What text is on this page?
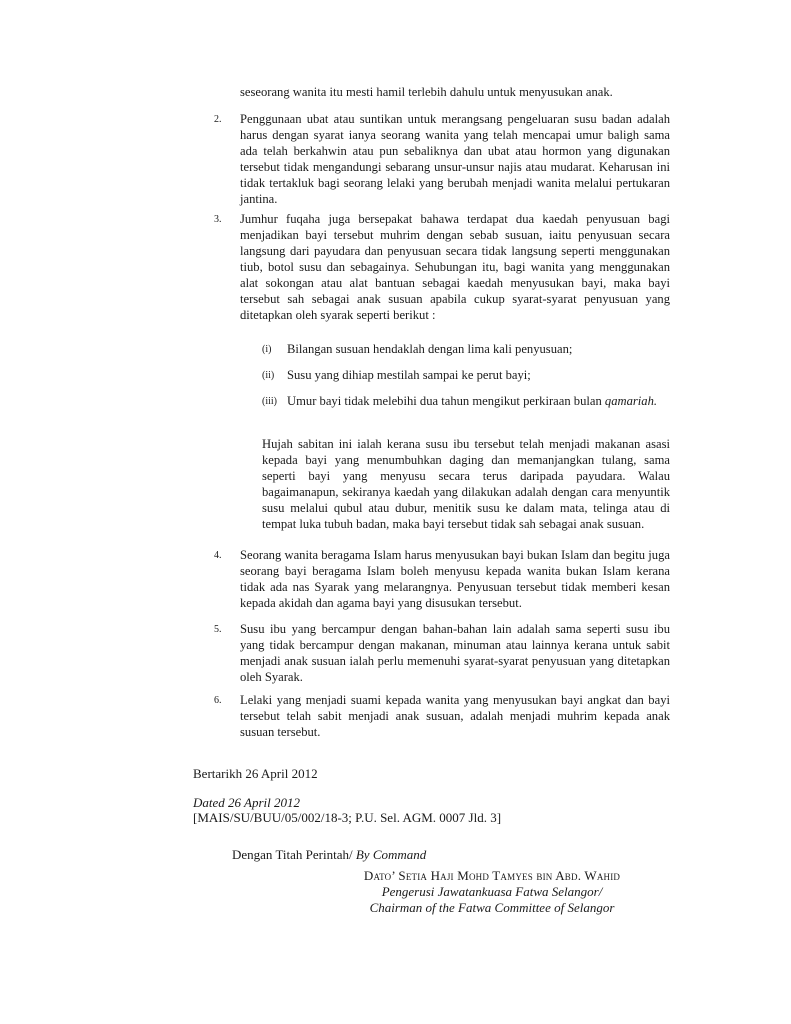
seseorang wanita itu mesti hamil terlebih dahulu untuk menyusukan anak.
2. Penggunaan ubat atau suntikan untuk merangsang pengeluaran susu badan adalah harus dengan syarat ianya seorang wanita yang telah mencapai umur baligh sama ada telah berkahwin atau pun sebaliknya dan ubat atau hormon yang digunakan tersebut tidak mengandungi sebarang unsur-unsur najis atau mudarat. Keharusan ini tidak tertakluk bagi seorang lelaki yang berubah menjadi wanita melalui pertukaran jantina.
3. Jumhur fuqaha juga bersepakat bahawa terdapat dua kaedah penyusuan bagi menjadikan bayi tersebut muhrim dengan sebab susuan, iaitu penyusuan secara langsung dari payudara dan penyusuan secara tidak langsung seperti menggunakan tiub, botol susu dan sebagainya. Sehubungan itu, bagi wanita yang menggunakan alat sokongan atau alat bantuan sebagai kaedah menyusukan bayi, maka bayi tersebut sah sebagai anak susuan apabila cukup syarat-syarat penyusuan yang ditetapkan oleh syarak seperti berikut :
(i) Bilangan susuan hendaklah dengan lima kali penyusuan;
(ii) Susu yang dihiap mestilah sampai ke perut bayi;
(iii) Umur bayi tidak melebihi dua tahun mengikut perkiraan bulan qamariah.
Hujah sabitan ini ialah kerana susu ibu tersebut telah menjadi makanan asasi kepada bayi yang menumbuhkan daging dan memanjangkan tulang, sama seperti bayi yang menyusu secara terus daripada payudara. Walau bagaimanapun, sekiranya kaedah yang dilakukan adalah dengan cara menyuntik susu melalui qubul atau dubur, menitik susu ke dalam mata, telinga atau di tempat luka tubuh badan, maka bayi tersebut tidak sah sebagai anak susuan.
4. Seorang wanita beragama Islam harus menyusukan bayi bukan Islam dan begitu juga seorang bayi beragama Islam boleh menyusu kepada wanita bukan Islam kerana tidak ada nas Syarak yang melarangnya. Penyusuan tersebut tidak memberi kesan kepada akidah dan agama bayi yang disusukan tersebut.
5. Susu ibu yang bercampur dengan bahan-bahan lain adalah sama seperti susu ibu yang tidak bercampur dengan makanan, minuman atau lainnya kerana untuk sabit menjadi anak susuan ialah perlu memenuhi syarat-syarat penyusuan yang ditetapkan oleh Syarak.
6. Lelaki yang menjadi suami kepada wanita yang menyusukan bayi angkat dan bayi tersebut telah sabit menjadi anak susuan, adalah menjadi muhrim kepada anak susuan tersebut.
Bertarikh 26 April 2012
Dated 26 April 2012
[MAIS/SU/BUU/05/002/18-3; P.U. Sel. AGM. 0007 Jld. 3]
Dengan Titah Perintah/ By Command
Dato’ Setia Haji Mohd Tamyes bin Abd. Wahid
Pengerusi Jawatankuasa Fatwa Selangor/
Chairman of the Fatwa Committee of Selangor
